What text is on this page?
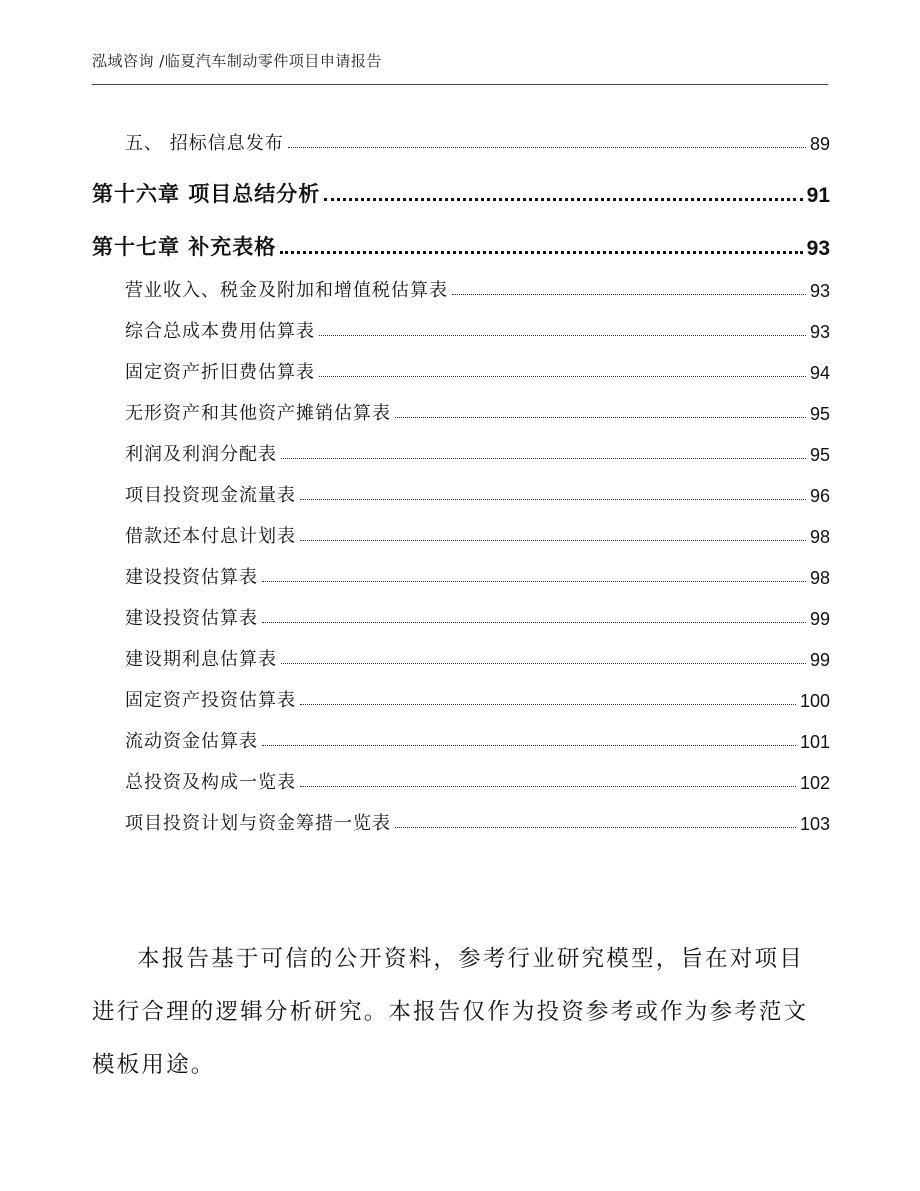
泓域咨询 /临夏汽车制动零件项目申请报告
五、 招标信息发布	89
第十六章 项目总结分析	91
第十七章 补充表格	93
营业收入、税金及附加和增值税估算表	93
综合总成本费用估算表	93
固定资产折旧费估算表	94
无形资产和其他资产摊销估算表	95
利润及利润分配表	95
项目投资现金流量表	96
借款还本付息计划表	98
建设投资估算表	98
建设投资估算表	99
建设期利息估算表	99
固定资产投资估算表	100
流动资金估算表	101
总投资及构成一览表	102
项目投资计划与资金筹措一览表	103

本报告基于可信的公开资料，参考行业研究模型，旨在对项目进行合理的逻辑分析研究。本报告仅作为投资参考或作为参考范文模板用途。
